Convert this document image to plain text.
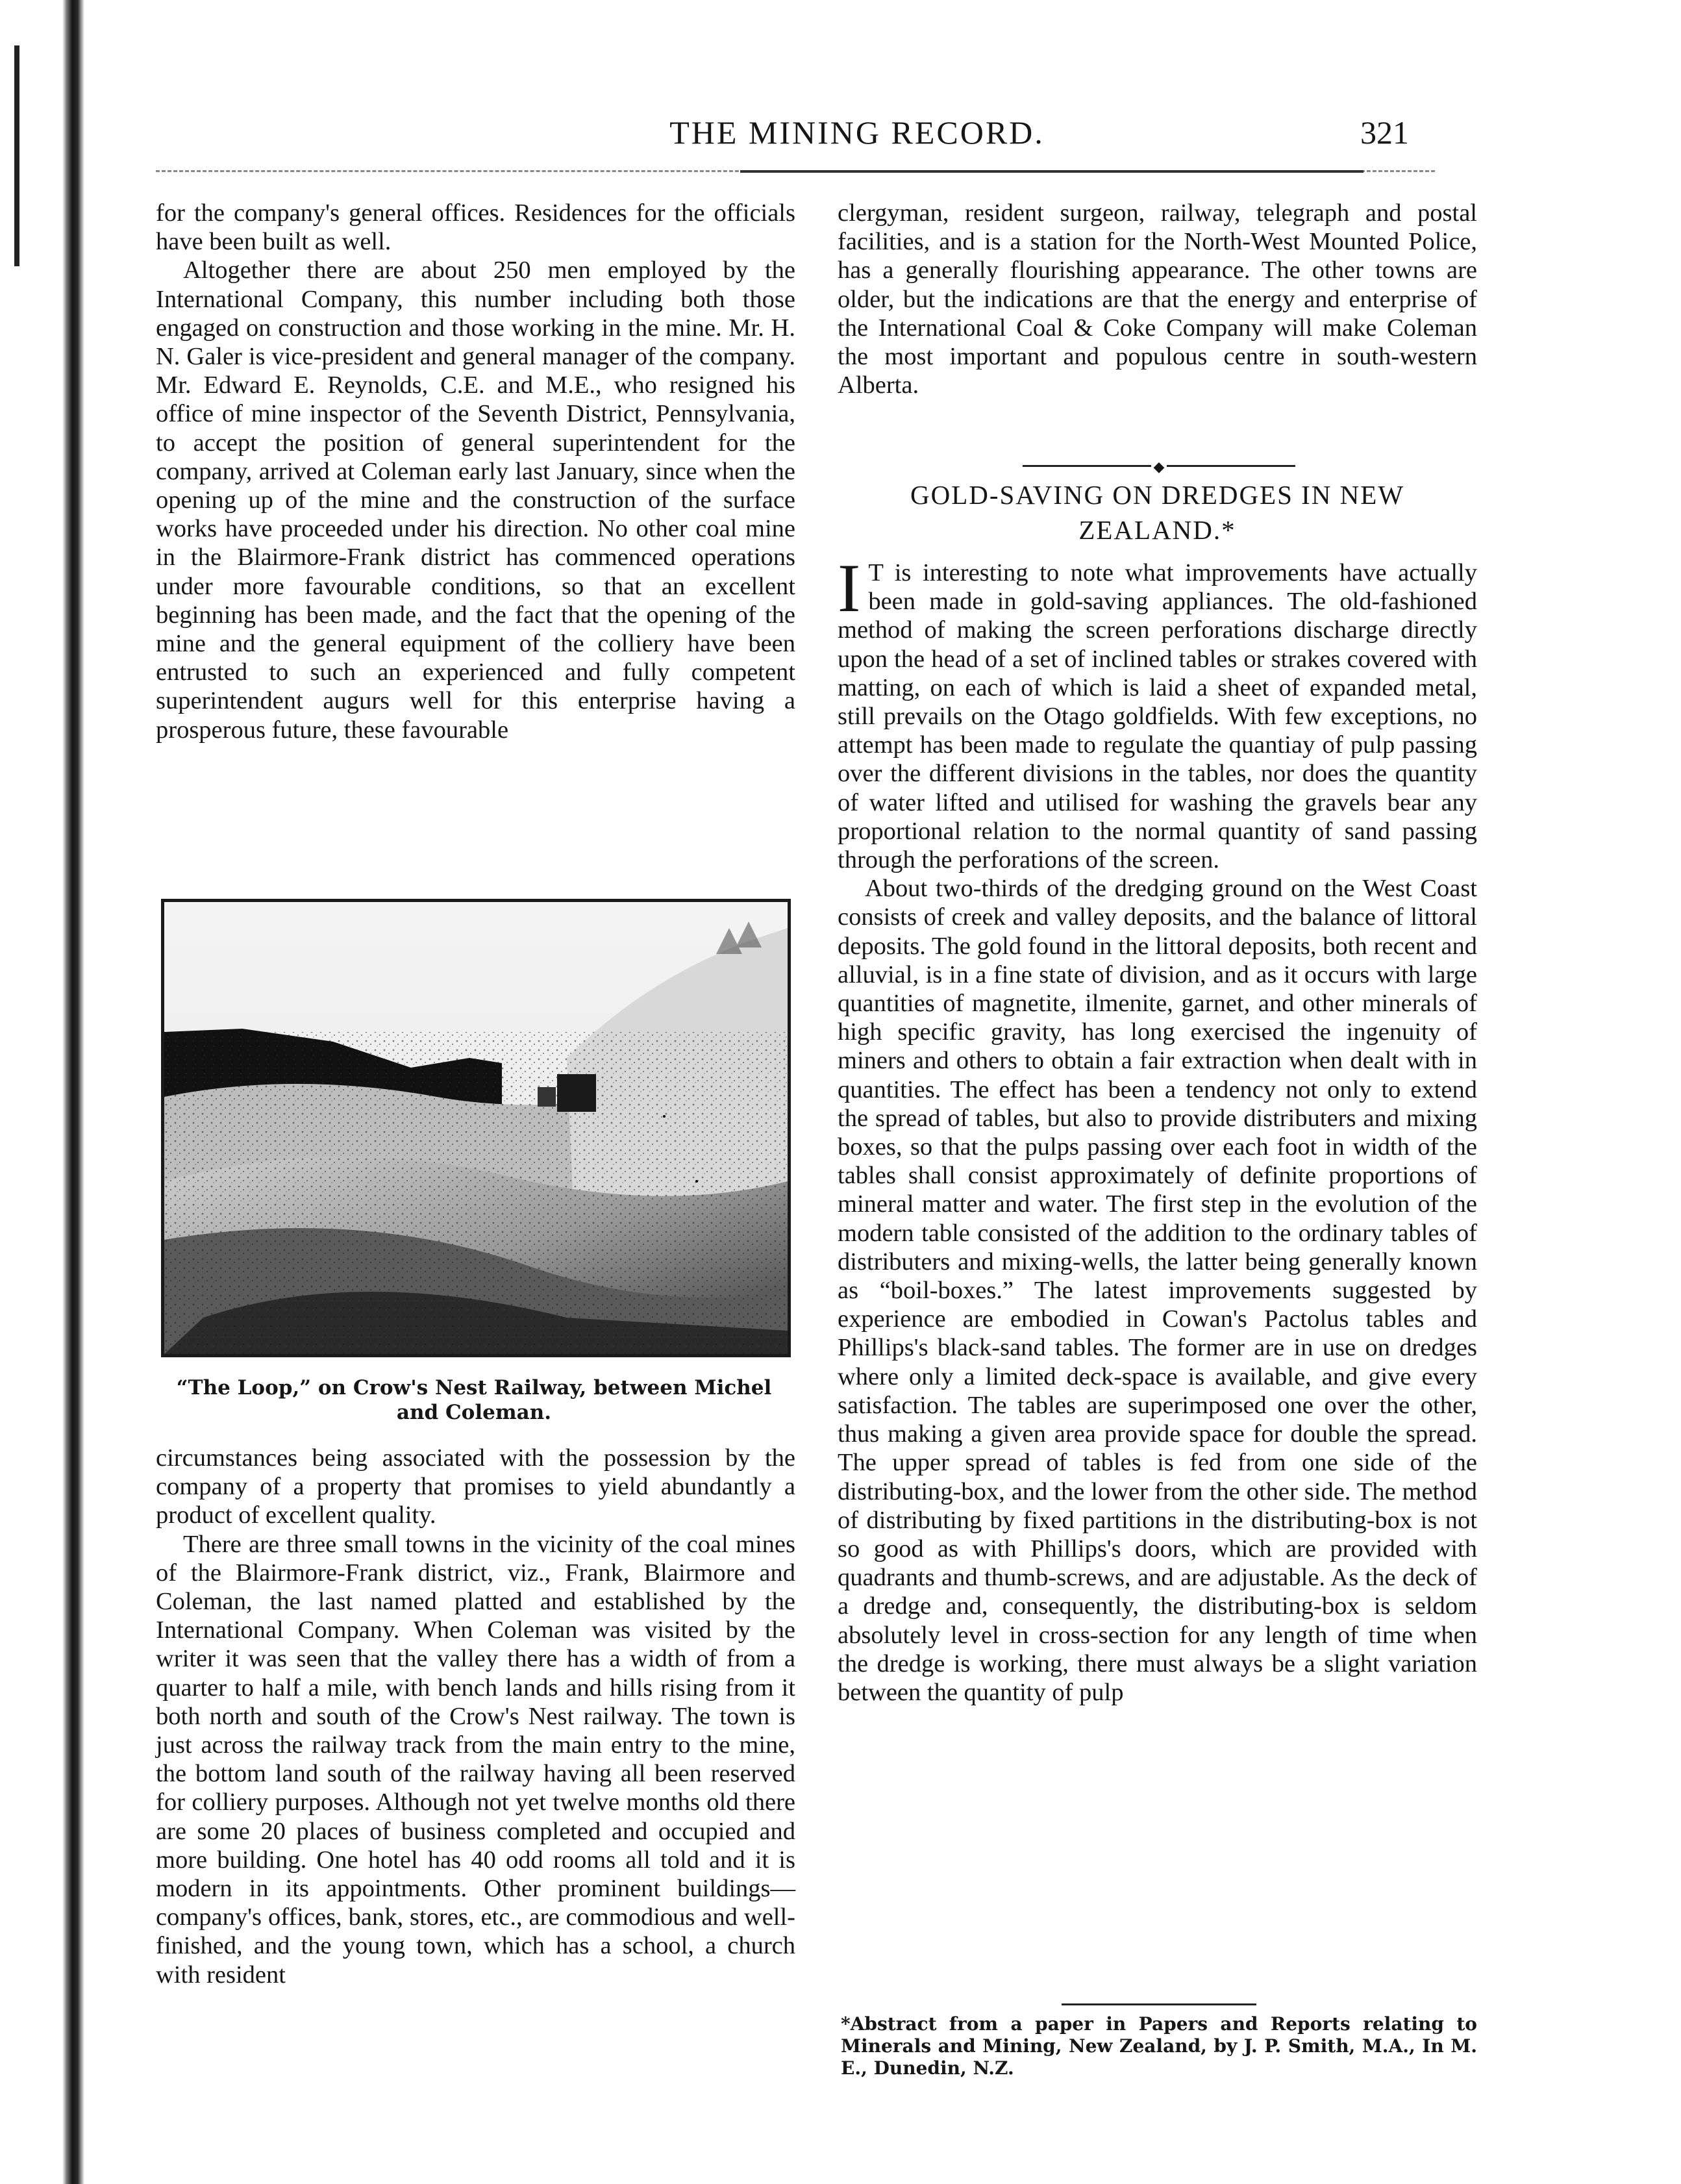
THE MINING RECORD.	321

for the company's general offices. Residences for the officials have been built as well.

Altogether there are about 250 men employed by the International Company, this number including both those engaged on construction and those working in the mine. Mr. H. N. Galer is vice-president and general manager of the company. Mr. Edward E. Reynolds, C.E. and M.E., who resigned his office of mine inspector of the Seventh District, Pennsylvania, to accept the position of general superintendent for the company, arrived at Coleman early last January, since when the opening up of the mine and the construction of the surface works have proceeded under his direction. No other coal mine in the Blairmore-Frank district has commenced operations under more favourable conditions, so that an excellent beginning has been made, and the fact that the opening of the mine and the general equipment of the colliery have been entrusted to such an experienced and fully competent superintendent augurs well for this enterprise having a prosperous future, these favourable

“The Loop,” on Crow's Nest Railway, between Michel and Coleman.

circumstances being associated with the possession by the company of a property that promises to yield abundantly a product of excellent quality.

There are three small towns in the vicinity of the coal mines of the Blairmore-Frank district, viz., Frank, Blairmore and Coleman, the last named platted and established by the International Company. When Coleman was visited by the writer it was seen that the valley there has a width of from a quarter to half a mile, with bench lands and hills rising from it both north and south of the Crow's Nest railway. The town is just across the railway track from the main entry to the mine, the bottom land south of the railway having all been reserved for colliery purposes. Although not yet twelve months old there are some 20 places of business completed and occupied and more building. One hotel has 40 odd rooms all told and it is modern in its appointments. Other prominent buildings—company's offices, bank, stores, etc., are commodious and well-finished, and the young town, which has a school, a church with resident

clergyman, resident surgeon, railway, telegraph and postal facilities, and is a station for the North-West Mounted Police, has a generally flourishing appearance. The other towns are older, but the indications are that the energy and enterprise of the International Coal & Coke Company will make Coleman the most important and populous centre in south-western Alberta.

◆
GOLD-SAVING ON DREDGES IN NEW ZEALAND.*

I T is interesting to note what improvements have actually been made in gold-saving appliances. The old-fashioned method of making the screen perforations discharge directly upon the head of a set of inclined tables or strakes covered with matting, on each of which is laid a sheet of expanded metal, still prevails on the Otago goldfields. With few exceptions, no attempt has been made to regulate the quantiay of pulp passing over the different divisions in the tables, nor does the quantity of water lifted and utilised for washing the gravels bear any proportional relation to the normal quantity of sand passing through the perforations of the screen.

About two-thirds of the dredging ground on the West Coast consists of creek and valley deposits, and the balance of littoral deposits. The gold found in the littoral deposits, both recent and alluvial, is in a fine state of division, and as it occurs with large quantities of magnetite, ilmenite, garnet, and other minerals of high specific gravity, has long exercised the ingenuity of miners and others to obtain a fair extraction when dealt with in quantities. The effect has been a tendency not only to extend the spread of tables, but also to provide distributers and mixing boxes, so that the pulps passing over each foot in width of the tables shall consist approximately of definite proportions of mineral matter and water. The first step in the evolution of the modern table consisted of the addition to the ordinary tables of distributers and mixing-wells, the latter being generally known as “boil-boxes.” The latest improvements suggested by experience are embodied in Cowan's Pactolus tables and Phillips's black-sand tables. The former are in use on dredges where only a limited deck-space is available, and give every satisfaction. The tables are superimposed one over the other, thus making a given area provide space for double the spread. The upper spread of tables is fed from one side of the distributing-box, and the lower from the other side. The method of distributing by fixed partitions in the distributing-box is not so good as with Phillips's doors, which are provided with quadrants and thumb-screws, and are adjustable. As the deck of a dredge and, consequently, the distributing-box is seldom absolutely level in cross-section for any length of time when the dredge is working, there must always be a slight variation between the quantity of pulp

*Abstract from a paper in Papers and Reports relating to Minerals and Mining, New Zealand, by J. P. Smith, M.A., In M. E., Dunedin, N.Z.
